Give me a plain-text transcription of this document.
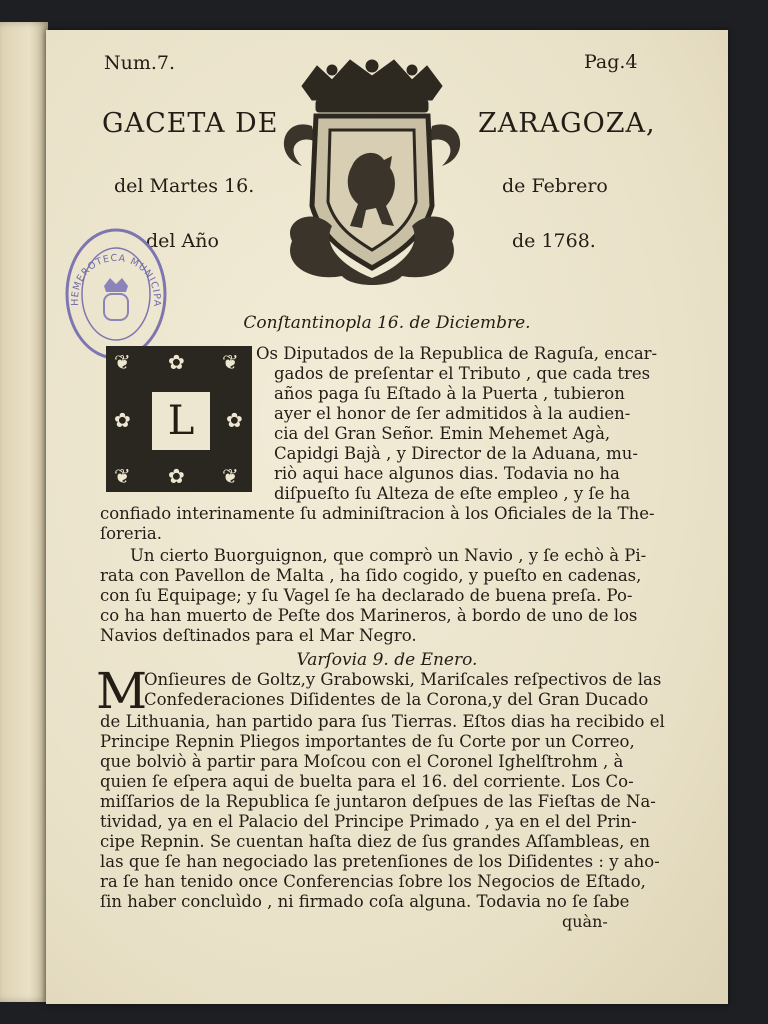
Num.7.	Pag.4
GACETA DE	ZARAGOZA,
del Martes 16.	de Febrero
del Año	de 1768.
HEMEROTECA MUNICIPA
Conſtantinopla 16. de Diciembre.
❦ ✿ ❦
✿	✿
❦ ✿ ❦
L
Os Diputados de la Republica de Raguſa, encar-
gados de preſentar el Tributo , que cada tres
años paga ſu Eſtado à la Puerta , tubieron
ayer el honor de ſer admitidos à la audien-
cia del Gran Señor. Emin Mehemet Agà,
Capidgi Bajà , y Director de la Aduana, mu-
riò aqui hace algunos dias. Todavia no ha
diſpueſto ſu Alteza de eſte empleo , y ſe ha
confiado interinamente ſu adminiſtracion à los Oficiales de la The-
ſoreria.
Un cierto Buorguignon, que comprò un Navio , y ſe echò à Pi-
rata con Pavellon de Malta , ha ſido cogido, y pueſto en cadenas,
con ſu Equipage; y ſu Vagel ſe ha declarado de buena preſa. Po-
co ha han muerto de Peſte dos Marineros, à bordo de uno de los
Navios deſtinados para el Mar Negro.
Varſovia 9. de Enero.
M
Onſieures de Goltz,y Grabowski, Mariſcales reſpectivos de las
Confederaciones Diſidentes de la Corona,y del Gran Ducado
de Lithuania, han partido para ſus Tierras. Eſtos dias ha recibido el
Principe Repnin Pliegos importantes de ſu Corte por un Correo,
que bolviò à partir para Moſcou con el Coronel Ighelſtrohm , à
quien ſe eſpera aqui de buelta para el 16. del corriente. Los Co-
miſſarios de la Republica ſe juntaron deſpues de las Fieſtas de Na-
tividad, ya en el Palacio del Principe Primado , ya en el del Prin-
cipe Repnin. Se cuentan haſta diez de ſus grandes Aſſambleas, en
las que ſe han negociado las pretenſiones de los Diſidentes : y aho-
ra ſe han tenido once Conferencias ſobre los Negocios de Eſtado,
ſin haber concluìdo , ni firmado coſa alguna. Todavia no ſe ſabe
quàn-
